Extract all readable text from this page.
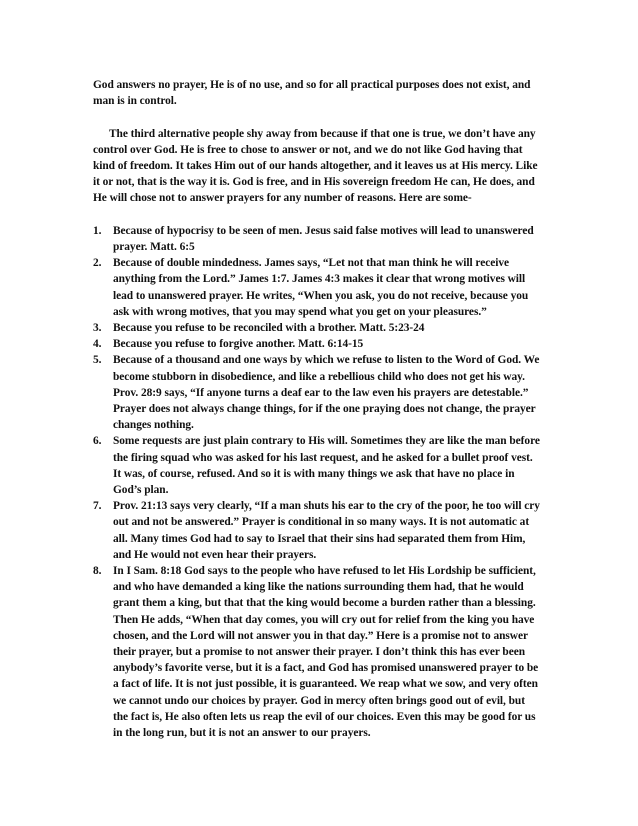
God answers no prayer, He is of no use, and so for all practical purposes does not exist, and man is in control.

The third alternative people shy away from because if that one is true, we don’t have any control over God. He is free to chose to answer or not, and we do not like God having that kind of freedom. It takes Him out of our hands altogether, and it leaves us at His mercy. Like it or not, that is the way it is. God is free, and in His sovereign freedom He can, He does, and He will chose not to answer prayers for any number of reasons. Here are some-

1. Because of hypocrisy to be seen of men. Jesus said false motives will lead to unanswered prayer. Matt. 6:5
2. Because of double mindedness. James says, “Let not that man think he will receive anything from the Lord.” James 1:7. James 4:3 makes it clear that wrong motives will lead to unanswered prayer. He writes, “When you ask, you do not receive, because you ask with wrong motives, that you may spend what you get on your pleasures.”
3. Because you refuse to be reconciled with a brother. Matt. 5:23-24
4. Because you refuse to forgive another. Matt. 6:14-15
5. Because of a thousand and one ways by which we refuse to listen to the Word of God. We become stubborn in disobedience, and like a rebellious child who does not get his way. Prov. 28:9 says, “If anyone turns a deaf ear to the law even his prayers are detestable.” Prayer does not always change things, for if the one praying does not change, the prayer changes nothing.
6. Some requests are just plain contrary to His will. Sometimes they are like the man before the firing squad who was asked for his last request, and he asked for a bullet proof vest. It was, of course, refused. And so it is with many things we ask that have no place in God’s plan.
7. Prov. 21:13 says very clearly, “If a man shuts his ear to the cry of the poor, he too will cry out and not be answered.” Prayer is conditional in so many ways. It is not automatic at all. Many times God had to say to Israel that their sins had separated them from Him, and He would not even hear their prayers.
8. In I Sam. 8:18 God says to the people who have refused to let His Lordship be sufficient, and who have demanded a king like the nations surrounding them had, that he would grant them a king, but that that the king would become a burden rather than a blessing. Then He adds, “When that day comes, you will cry out for relief from the king you have chosen, and the Lord will not answer you in that day.” Here is a promise not to answer their prayer, but a promise to not answer their prayer. I don’t think this has ever been anybody’s favorite verse, but it is a fact, and God has promised unanswered prayer to be a fact of life. It is not just possible, it is guaranteed. We reap what we sow, and very often we cannot undo our choices by prayer. God in mercy often brings good out of evil, but the fact is, He also often lets us reap the evil of our choices. Even this may be good for us in the long run, but it is not an answer to our prayers.
